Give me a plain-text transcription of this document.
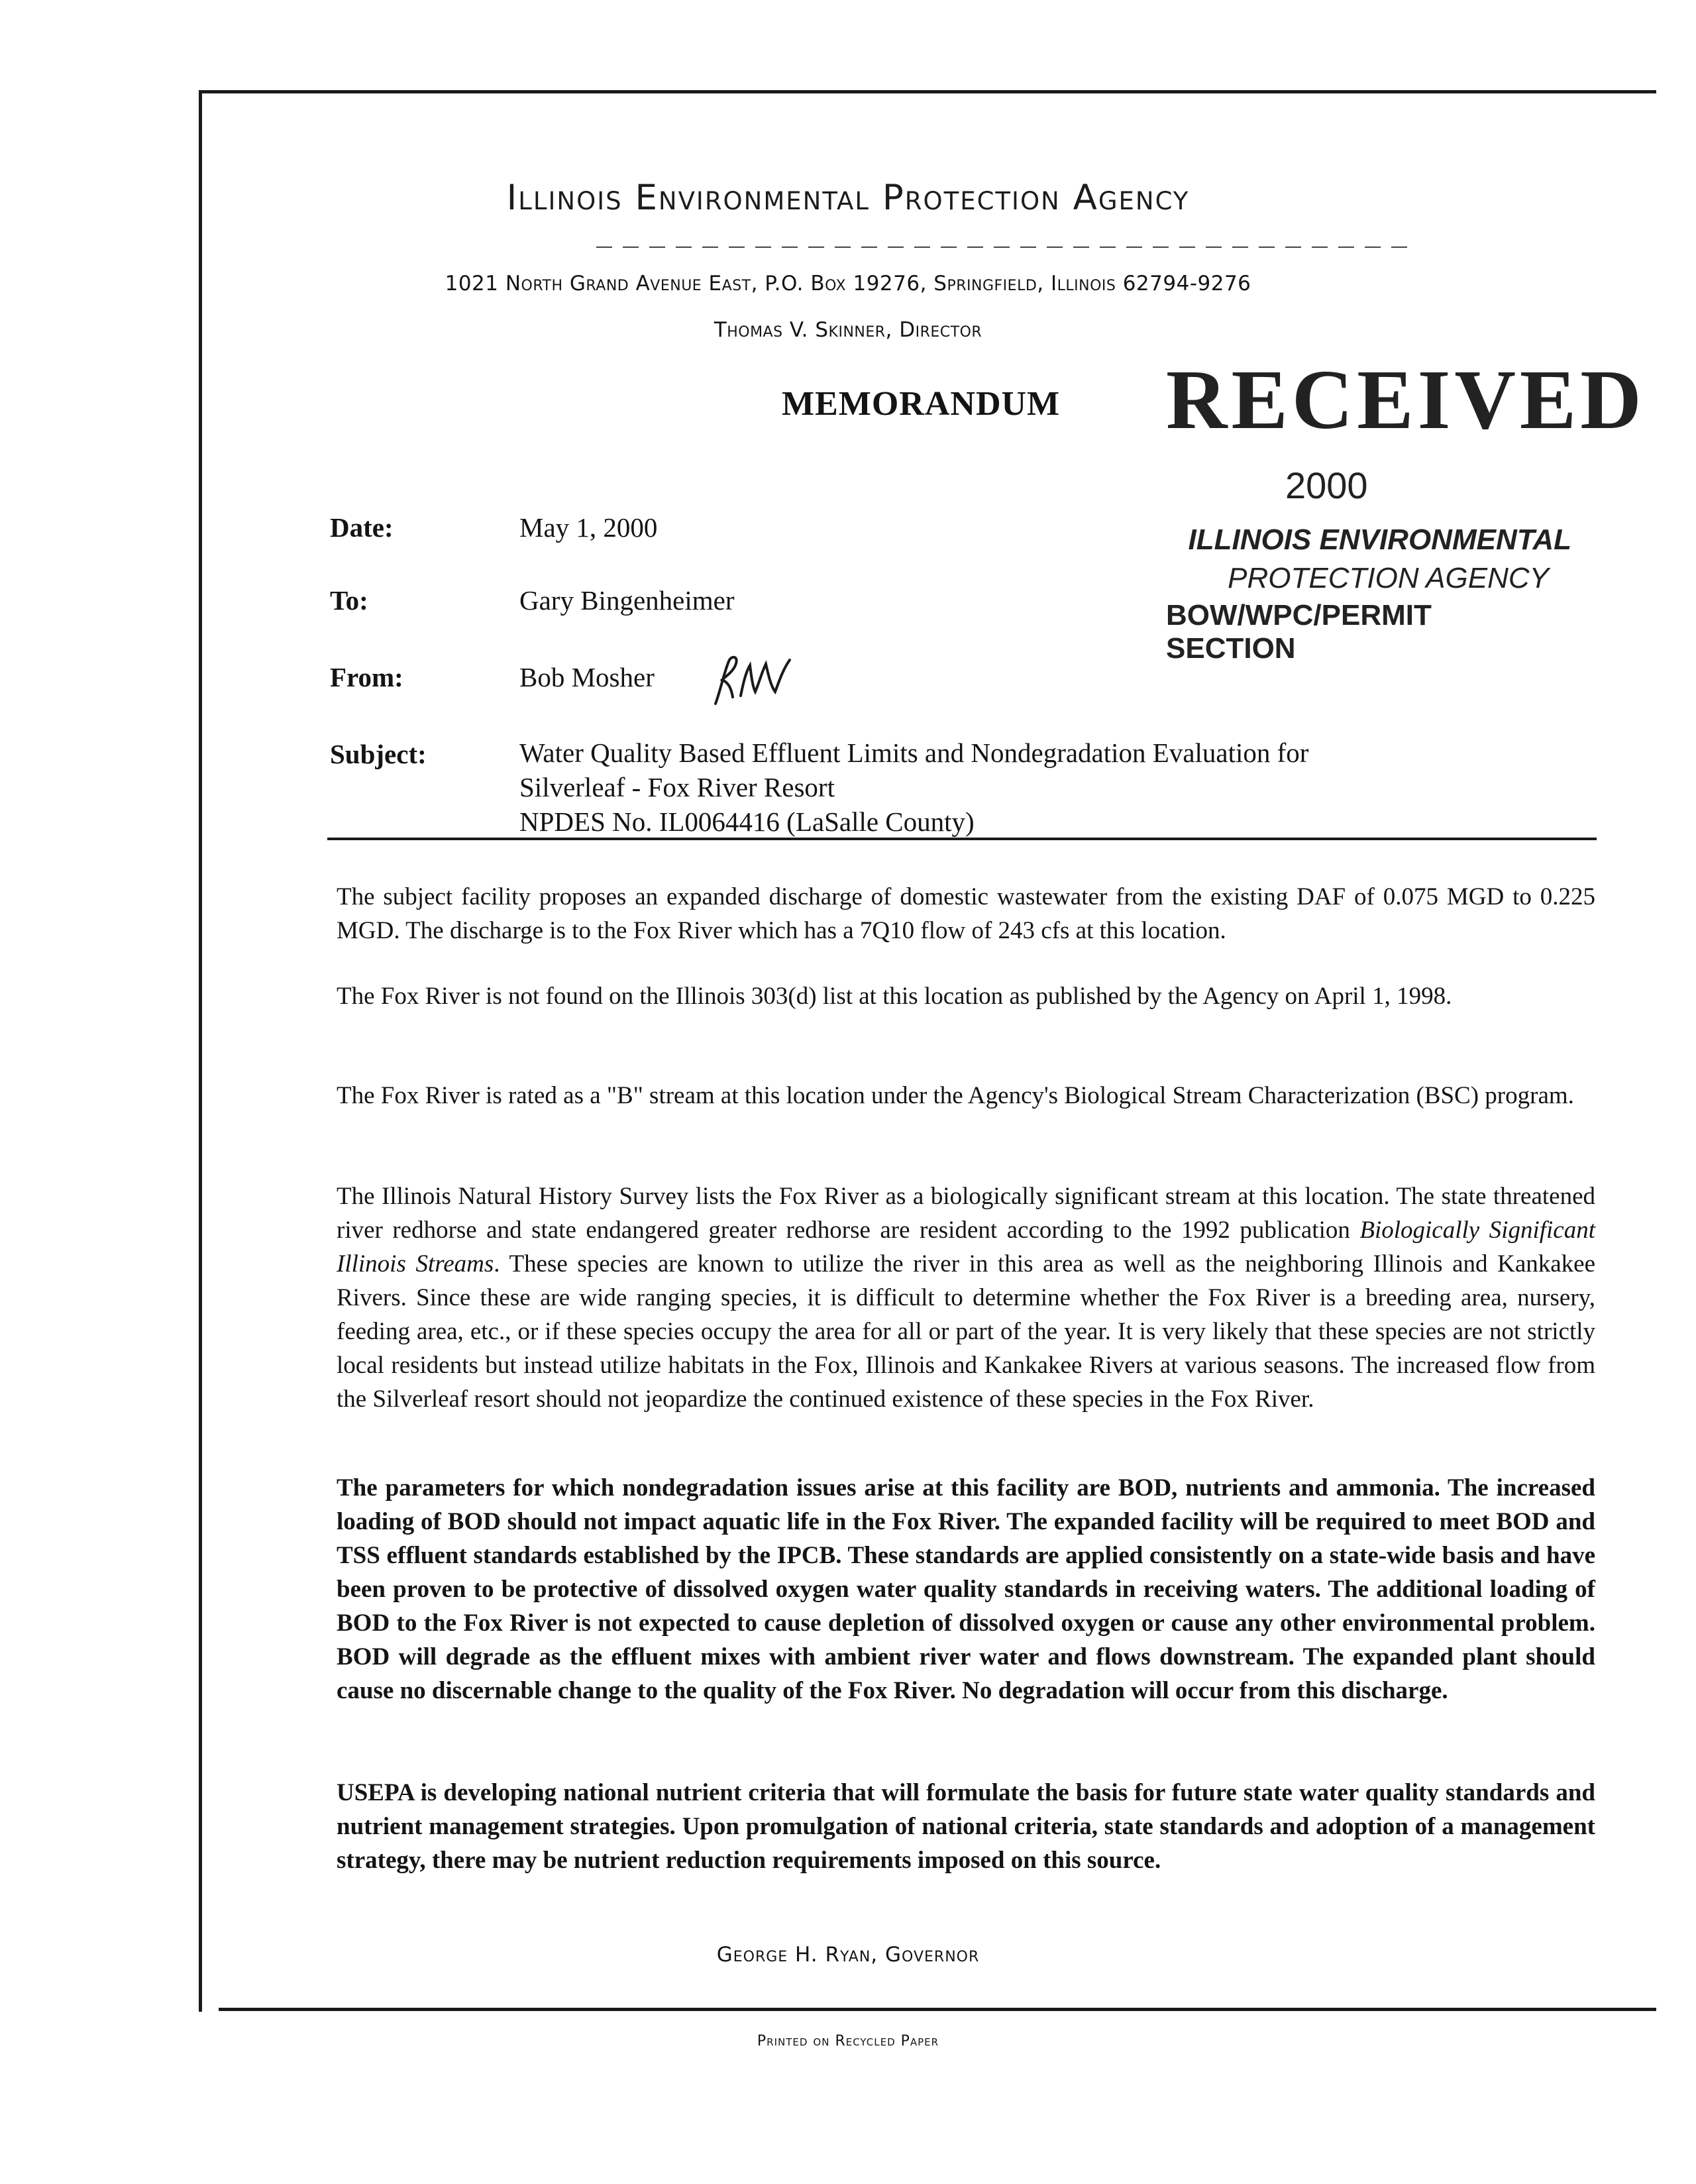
Illinois Environmental Protection Agency
1021 North Grand Avenue East, P.O. Box 19276, Springfield, Illinois 62794-9276
Thomas V. Skinner, Director
MEMORANDUM RECEIVED
2000
ILLINOIS ENVIRONMENTAL
PROTECTION AGENCY
BOW/WPC/PERMIT SECTION
Date:	May 1, 2000
To:	Gary Bingenheimer
From:	Bob Mosher
Subject:	Water Quality Based Effluent Limits and Nondegradation Evaluation for
Silverleaf - Fox River Resort
NPDES No. IL0064416 (LaSalle County)
The subject facility proposes an expanded discharge of domestic wastewater from the existing DAF of 0.075 MGD to 0.225 MGD. The discharge is to the Fox River which has a 7Q10 flow of 243 cfs at this location.
The Fox River is not found on the Illinois 303(d) list at this location as published by the Agency on April 1, 1998.
The Fox River is rated as a "B" stream at this location under the Agency's Biological Stream Characterization (BSC) program.
The Illinois Natural History Survey lists the Fox River as a biologically significant stream at this location. The state threatened river redhorse and state endangered greater redhorse are resident according to the 1992 publication Biologically Significant Illinois Streams. These species are known to utilize the river in this area as well as the neighboring Illinois and Kankakee Rivers. Since these are wide ranging species, it is difficult to determine whether the Fox River is a breeding area, nursery, feeding area, etc., or if these species occupy the area for all or part of the year. It is very likely that these species are not strictly local residents but instead utilize habitats in the Fox, Illinois and Kankakee Rivers at various seasons. The increased flow from the Silverleaf resort should not jeopardize the continued existence of these species in the Fox River.
The parameters for which nondegradation issues arise at this facility are BOD, nutrients and ammonia. The increased loading of BOD should not impact aquatic life in the Fox River. The expanded facility will be required to meet BOD and TSS effluent standards established by the IPCB. These standards are applied consistently on a state-wide basis and have been proven to be protective of dissolved oxygen water quality standards in receiving waters. The additional loading of BOD to the Fox River is not expected to cause depletion of dissolved oxygen or cause any other environmental problem. BOD will degrade as the effluent mixes with ambient river water and flows downstream. The expanded plant should cause no discernable change to the quality of the Fox River. No degradation will occur from this discharge.
USEPA is developing national nutrient criteria that will formulate the basis for future state water quality standards and nutrient management strategies. Upon promulgation of national criteria, state standards and adoption of a management strategy, there may be nutrient reduction requirements imposed on this source.
George H. Ryan, Governor
Printed on Recycled Paper
